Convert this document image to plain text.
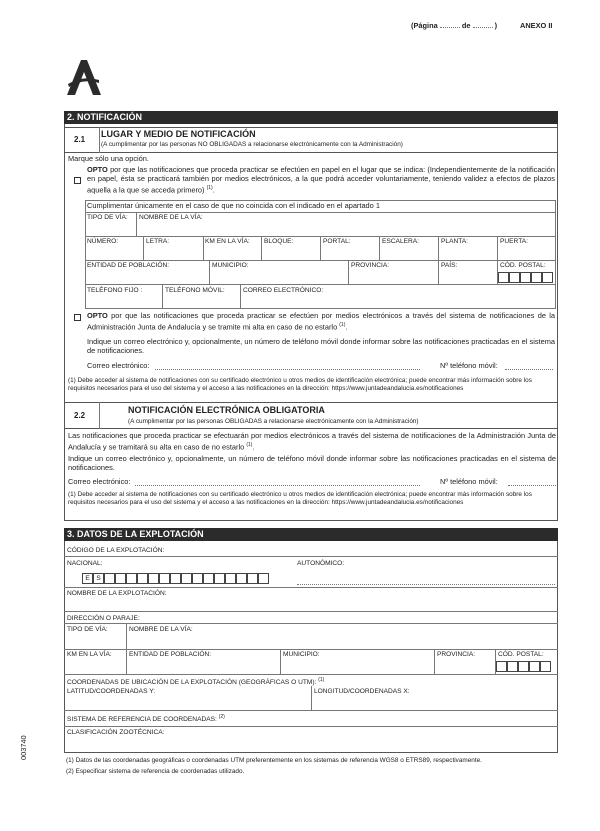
(Página	de	)	ANEXO II
003740
2. NOTIFICACIÓN
2.1
LUGAR Y MEDIO DE NOTIFICACIÓN
(A cumplimentar por las personas NO OBLIGADAS a relacionarse electrónicamente con la Administración)
Marque sólo una opción.
OPTO por que las notificaciones que proceda practicar se efectúen en papel en el lugar que se indica: (Independientemente de la notificación en papel, ésta se practicará también por medios electrónicos, a la que podrá acceder voluntariamente, teniendo validez a efectos de plazos aquella a la que se acceda primero) $^{(1)}$.
Cumplimentar únicamente en el caso de que no coincida con el indicado en el apartado 1
TIPO DE VÍA: NOMBRE DE LA VÍA:
NÚMERO:	LETRA:	KM EN LA VÍA: BLOQUE:	PORTAL:	ESCALERA:	PLANTA:	PUERTA:
ENTIDAD DE POBLACIÓN:	MUNICIPIO:	PROVINCIA:	PAÍS:	CÓD. POSTAL:
TELÉFONO FIJO :	TELÉFONO MÓVIL:	CORREO ELECTRÓNICO:
OPTO por que las notificaciones que proceda practicar se efectúen por medios electrónicos a través del sistema de notificaciones de la Administración Junta de Andalucía y se tramite mi alta en caso de no estarlo $^{(1)}$.
Indique un correo electrónico y, opcionalmente, un número de teléfono móvil donde informar sobre las notificaciones practicadas en el sistema de notificaciones.
Correo electrónico:	Nº teléfono móvil:
(1) Debe acceder al sistema de notificaciones con su certificado electrónico u otros medios de identificación electrónica; puede encontrar más información sobre los requisitos necesarios para el uso del sistema y el acceso a las notificaciones en la dirección: https://www.juntadeandalucia.es/notificaciones
2.2
NOTIFICACIÓN ELECTRÓNICA OBLIGATORIA
(A cumplimentar por las personas OBLIGADAS a relacionarse electrónicamente con la Administración)
Las notificaciones que proceda practicar se efectuarán por medios electrónicos a través del sistema de notificaciones de la Administración Junta de Andalucía y se tramitará su alta en caso de no estarlo $^{(1)}$.
Indique un correo electrónico y, opcionalmente, un número de teléfono móvil donde informar sobre las notificaciones practicadas en el sistema de notificaciones.
Correo electrónico:	Nº teléfono móvil:
(1) Debe acceder al sistema de notificaciones con su certificado electrónico u otros medios de identificación electrónica; puede encontrar más información sobre los requisitos necesarios para el uso del sistema y el acceso a las notificaciones en la dirección: https://www.juntadeandalucia.es/notificaciones
3. DATOS DE LA EXPLOTACIÓN
CÓDIGO DE LA EXPLOTACIÓN:
NACIONAL:
E	S
AUTONÓMICO:
NOMBRE DE LA EXPLOTACIÓN:
DIRECCIÓN O PARAJE:
TIPO DE VÍA:	NOMBRE DE LA VÍA:
KM EN LA VÍA:	ENTIDAD DE POBLACIÓN:	MUNICIPIO:	PROVINCIA:	CÓD. POSTAL:
COORDENADAS DE UBICACIÓN DE LA EXPLOTACIÓN (GEOGRÁFICAS O UTM): $^{(1)}$
LATITUD/COORDENADAS Y:	LONGITUD/COORDENADAS X:
SISTEMA DE REFERENCIA DE COORDENADAS: $^{(2)}$
CLASIFICACIÓN ZOOTÉCNICA:
(1) Datos de las coordenadas geográficas o coordenadas UTM preferentemente en los sistemas de referencia WGS8 o ETRS89, respectivamente.
(2) Especificar sistema de referencia de coordenadas utilizado.
